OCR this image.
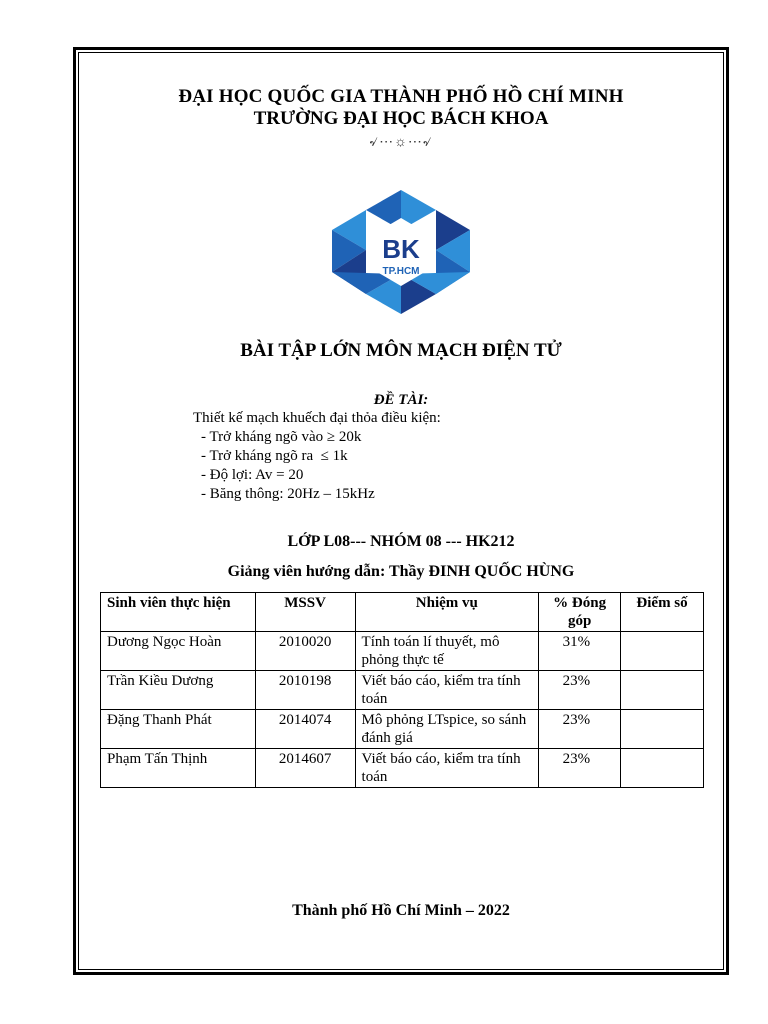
ĐẠI HỌC QUỐC GIA THÀNH PHỐ HỒ CHÍ MINH
TRƯỜNG ĐẠI HỌC BÁCH KHOA
৵⋯☼⋯৵
BK
TP.HCM
BÀI TẬP LỚN MÔN MẠCH ĐIỆN TỬ
ĐỀ TÀI:
Thiết kế mạch khuếch đại thỏa điều kiện:
- Trở kháng ngõ vào ≥ 20k
- Trở kháng ngõ ra  ≤ 1k
- Độ lợi: Av = 20
- Băng thông: 20Hz – 15kHz
LỚP L08--- NHÓM 08 --- HK212
Giảng viên hướng dẫn: Thầy ĐINH QUỐC HÙNG
Sinh viên thực hiện	MSSV	Nhiệm vụ	% Đóng góp	Điểm số
Dương Ngọc Hoàn	2010020	Tính toán lí thuyết, mô phỏng thực tế	31%	
Trần Kiều Dương	2010198	Viết báo cáo, kiểm tra tính toán	23%	
Đặng Thanh Phát	2014074	Mô phỏng LTspice, so sánh đánh giá	23%	
Phạm Tấn Thịnh	2014607	Viết báo cáo, kiểm tra tính toán	23%	
Thành phố Hồ Chí Minh – 2022
